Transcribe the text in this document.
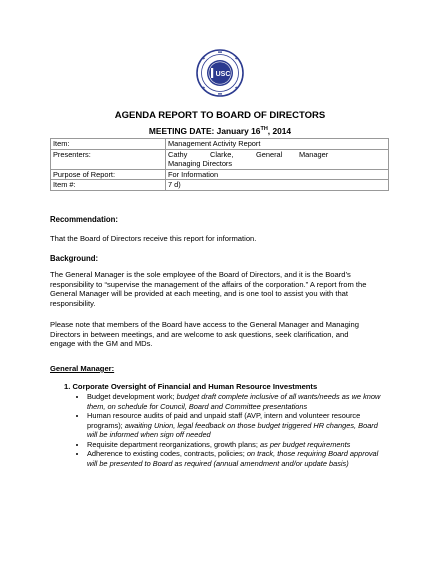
USC
AGENDA REPORT TO BOARD OF DIRECTORS
MEETING DATE: January 16TH, 2014
Item:	Management Activity Report
Presenters:	Cathy Clarke, General Manager
Managing Directors
Purpose of Report:	For Information
Item #:	7 d)
Recommendation:
That the Board of Directors receive this report for information.
Background:
The General Manager is the sole employee of the Board of Directors, and it is the Board’s
responsibility to “supervise the management of the affairs of the corporation.” A report from the
General Manager will be provided at each meeting, and is one tool to assist you with that
responsibility.
Please note that members of the Board have access to the General Manager and Managing
Directors in between meetings, and are welcome to ask questions, seek clarification, and
engage with the GM and MDs.
General Manager:
1. Corporate Oversight of Financial and Human Resource Investments
• Budget development work; budget draft complete inclusive of all wants/needs as we know them, on schedule for Council, Board and Committee presentations
• Human resource audits of paid and unpaid staff (AVP, intern and volunteer resource programs); awaiting Union, legal feedback on those budget triggered HR changes, Board will be informed when sign off needed
• Requisite department reorganizations, growth plans; as per budget requirements
• Adherence to existing codes, contracts, policies; on track, those requiring Board approval will be presented to Board as required (annual amendment and/or update basis)
